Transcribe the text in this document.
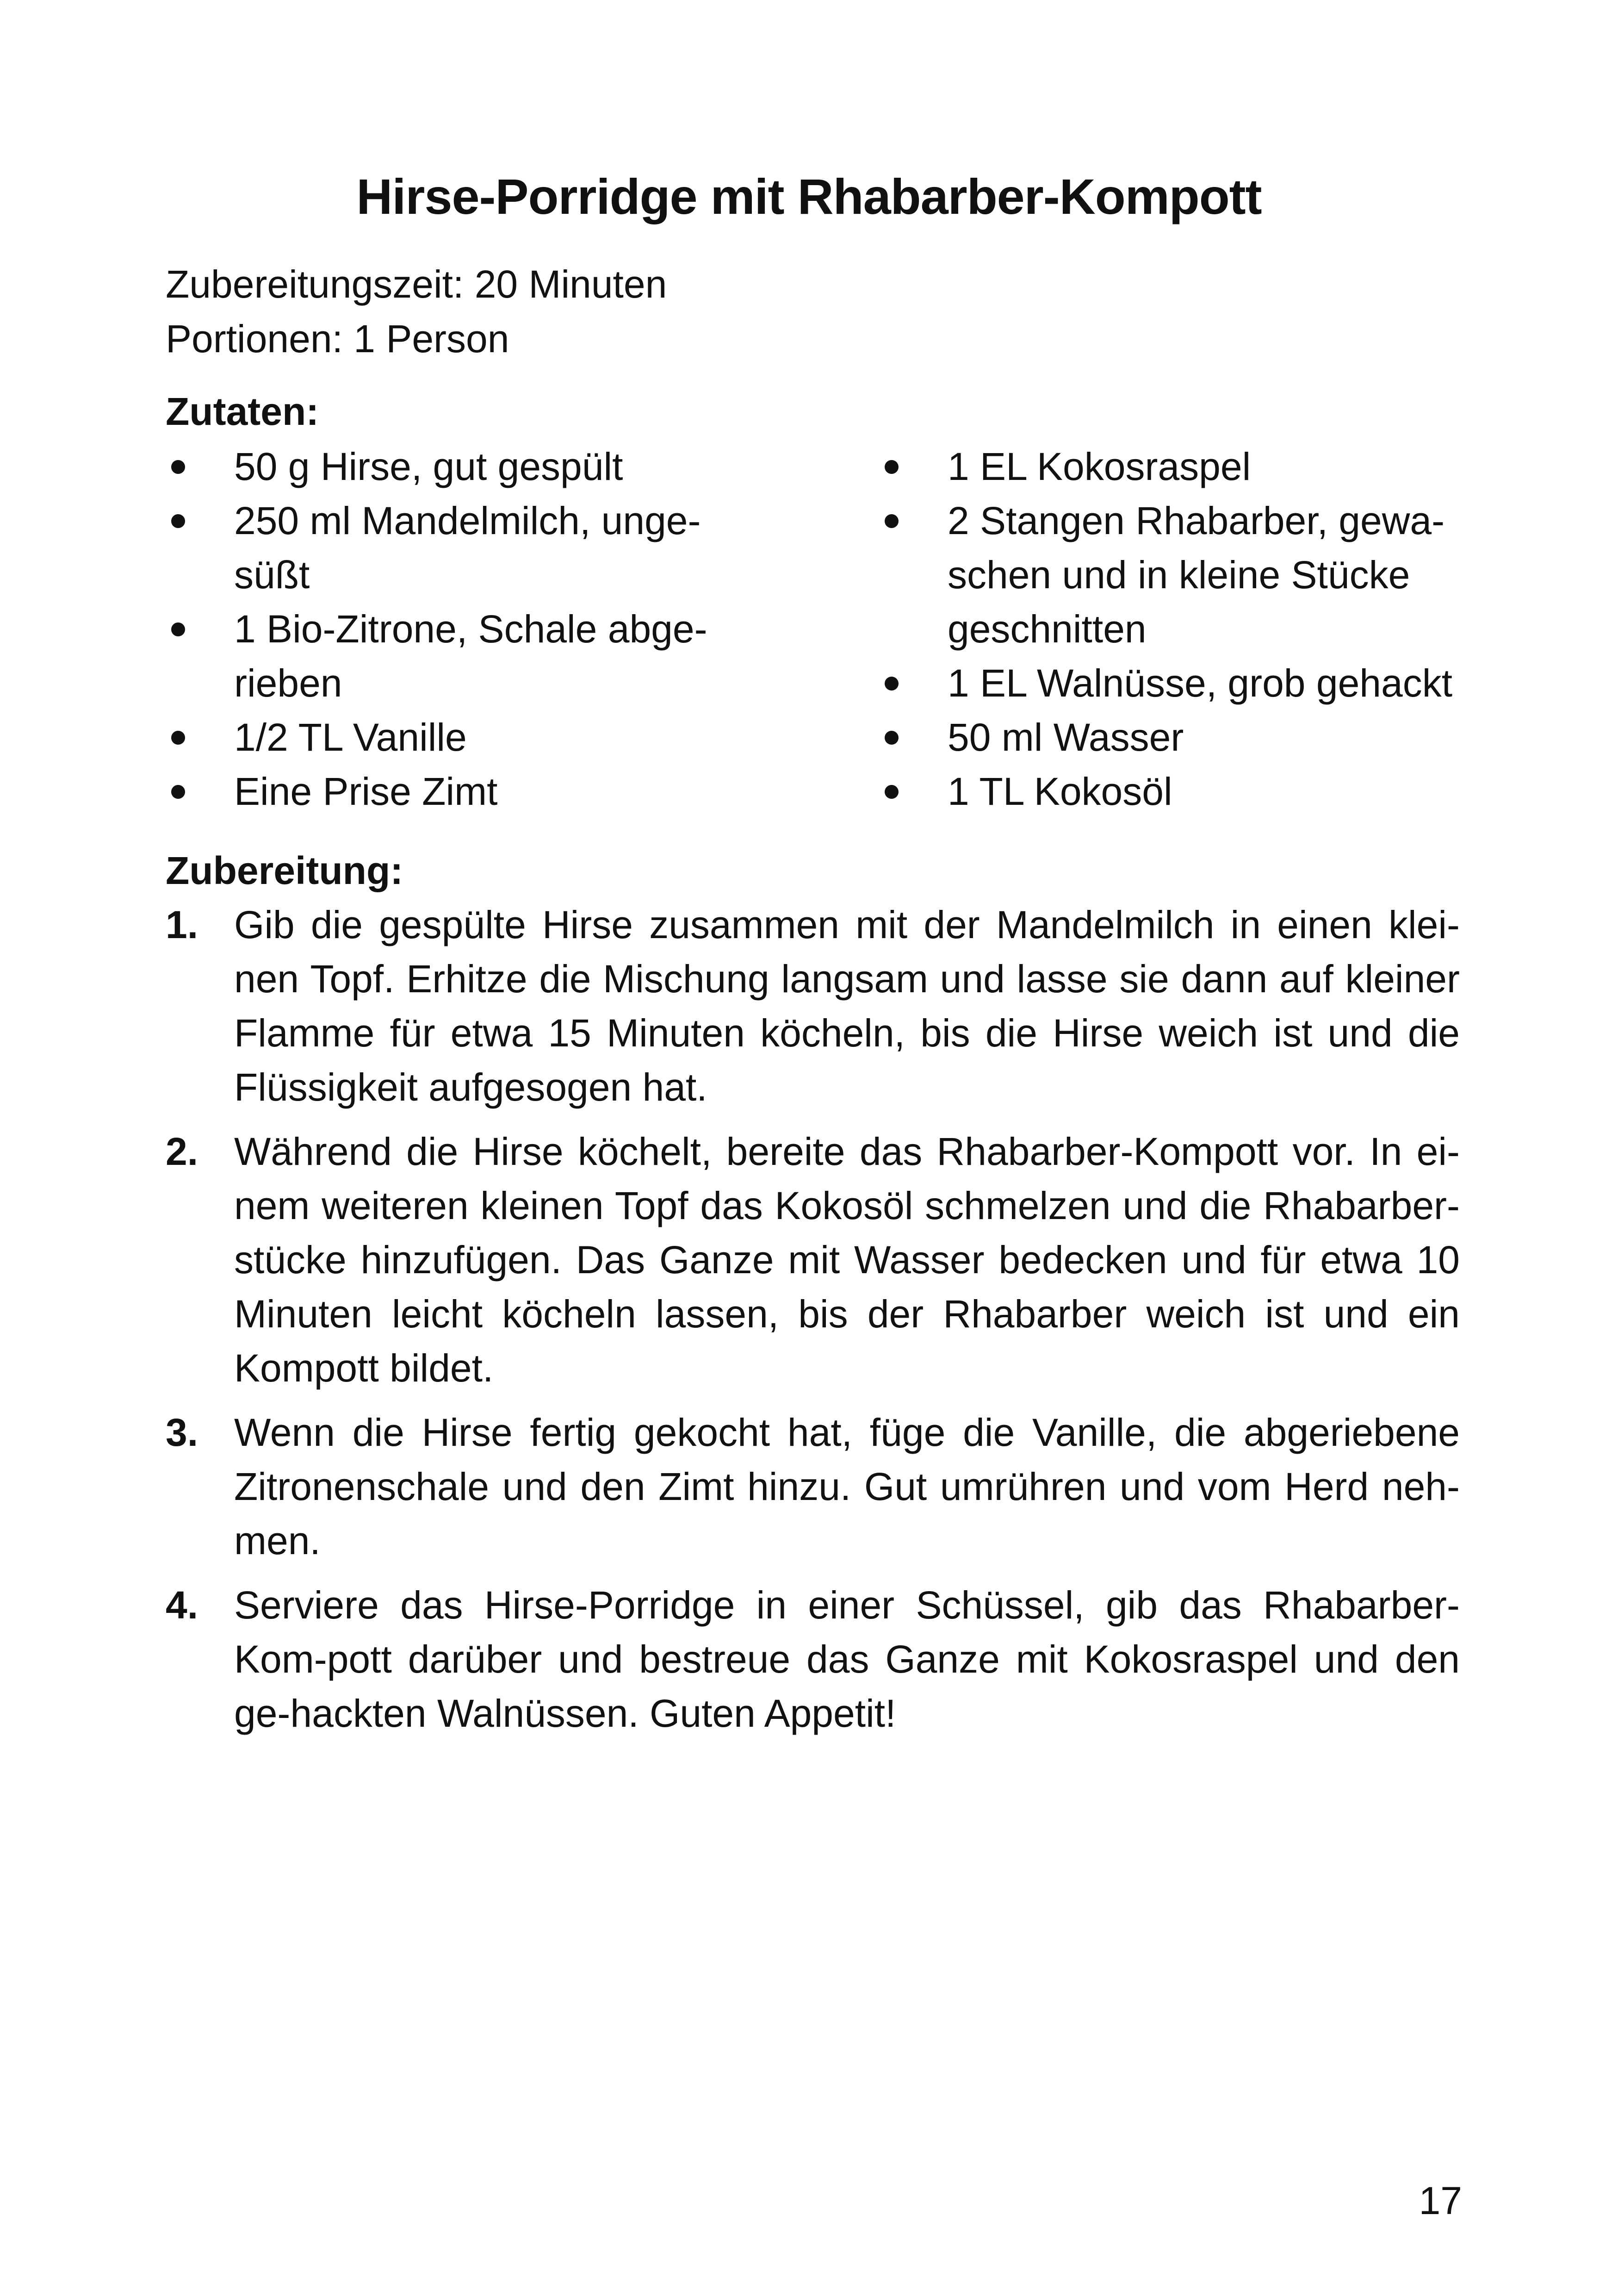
Hirse-Porridge mit Rhabarber-Kompott
Zubereitungszeit: 20 Minuten
Portionen: 1 Person
Zutaten:
50 g Hirse, gut gespült
250 ml Mandelmilch, unge-süßt
1 Bio-Zitrone, Schale abge-rieben
1/2 TL Vanille
Eine Prise Zimt
1 EL Kokosraspel
2 Stangen Rhabarber, gewa-schen und in kleine Stücke geschnitten
1 EL Walnüsse, grob gehackt
50 ml Wasser
1 TL Kokosöl
Zubereitung:
1. Gib die gespülte Hirse zusammen mit der Mandelmilch in einen klei-nen Topf. Erhitze die Mischung langsam und lasse sie dann auf kleiner Flamme für etwa 15 Minuten köcheln, bis die Hirse weich ist und die Flüssigkeit aufgesogen hat.
2. Während die Hirse köchelt, bereite das Rhabarber-Kompott vor. In ei-nem weiteren kleinen Topf das Kokosöl schmelzen und die Rhabarber-stücke hinzufügen. Das Ganze mit Wasser bedecken und für etwa 10 Minuten leicht köcheln lassen, bis der Rhabarber weich ist und ein Kompott bildet.
3. Wenn die Hirse fertig gekocht hat, füge die Vanille, die abgeriebene Zitronenschale und den Zimt hinzu. Gut umrühren und vom Herd neh-men.
4. Serviere das Hirse-Porridge in einer Schüssel, gib das Rhabarber-Kom-pott darüber und bestreue das Ganze mit Kokosraspel und den ge-hackten Walnüssen. Guten Appetit!
17
